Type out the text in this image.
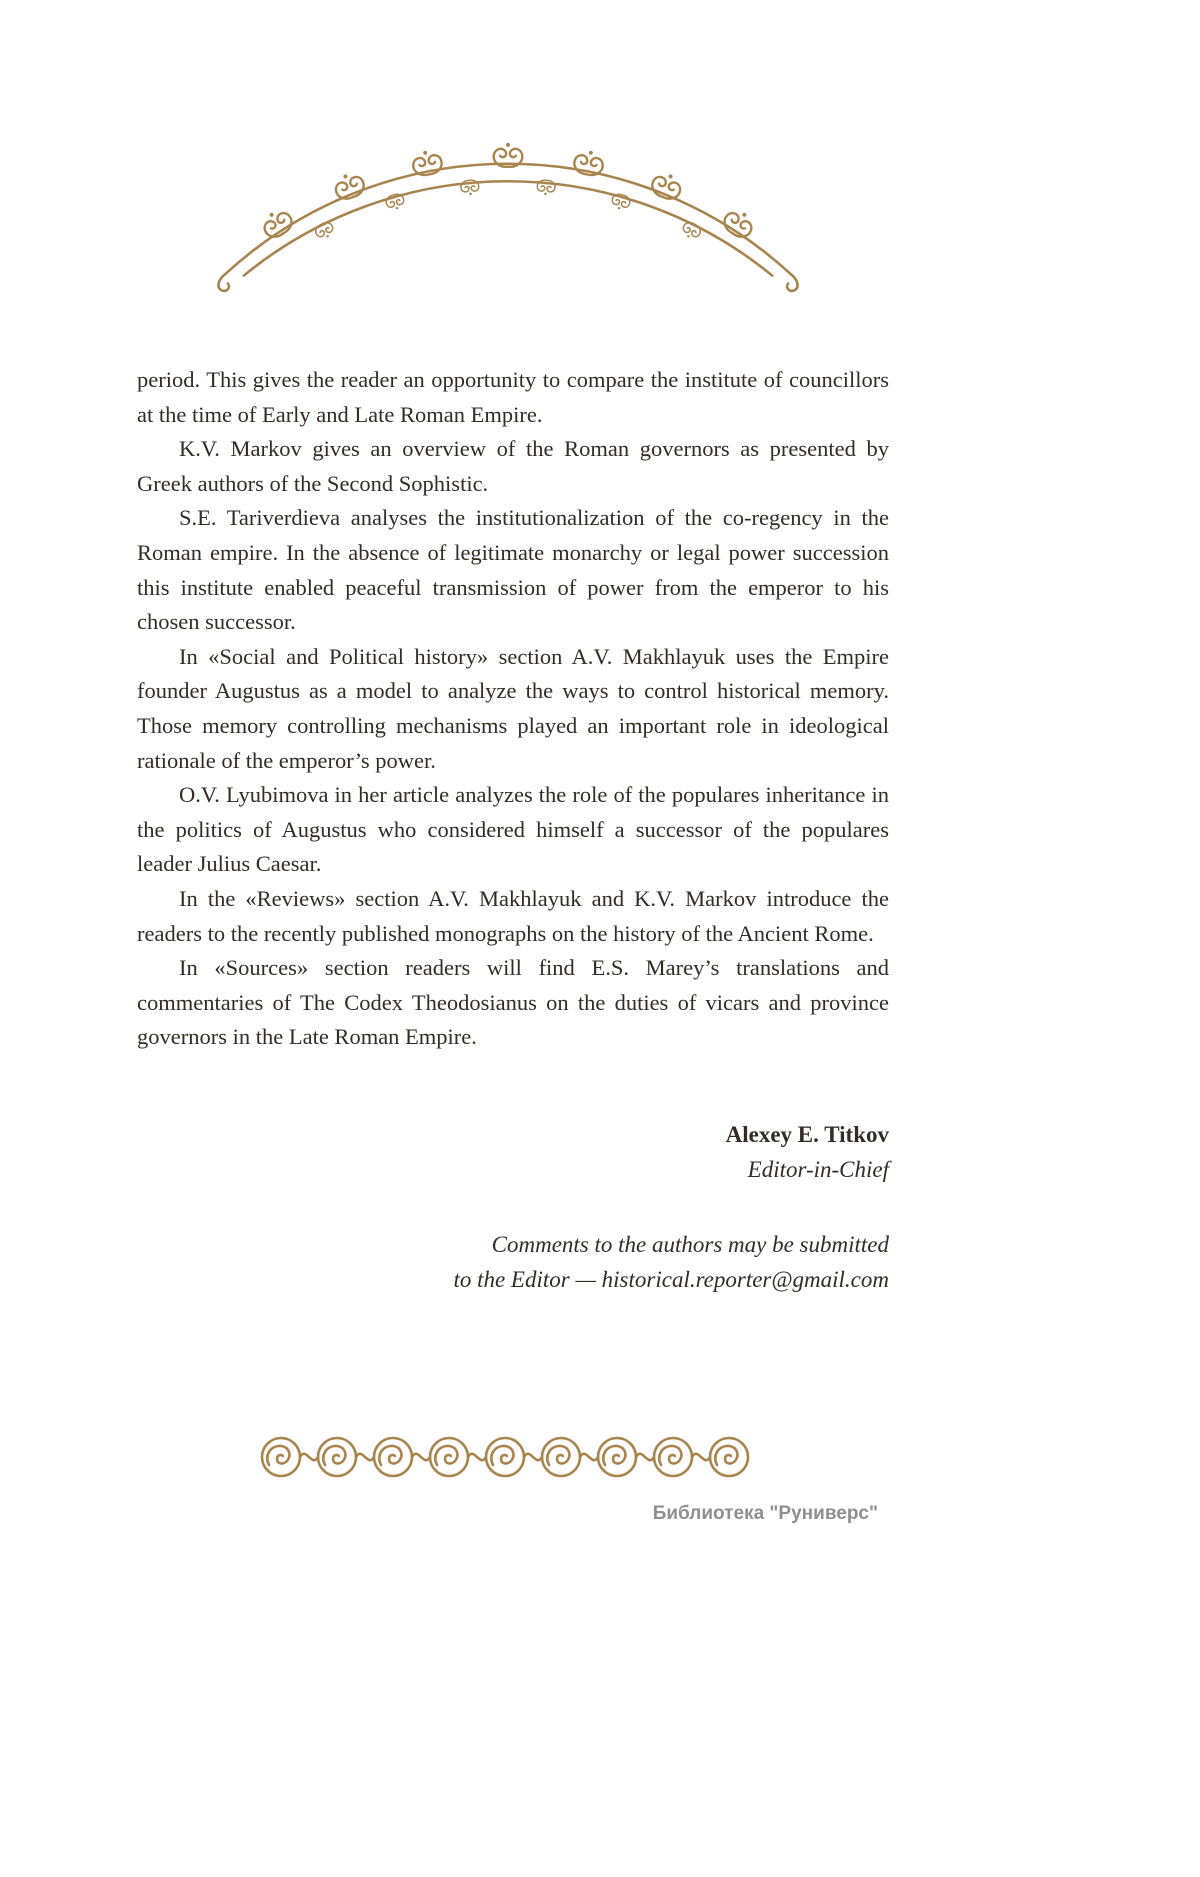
period. This gives the reader an opportunity to compare the institute of councillors at the time of Early and Late Roman Empire.

K.V. Markov gives an overview of the Roman governors as presented by Greek authors of the Second Sophistic.

S.E. Tariverdieva analyses the institutionalization of the co-regency in the Roman empire. In the absence of legitimate monarchy or legal power succession this institute enabled peaceful transmission of power from the emperor to his chosen successor.

In «Social and Political history» section A.V. Makhlayuk uses the Empire founder Augustus as a model to analyze the ways to control historical memory. Those memory controlling mechanisms played an important role in ideological rationale of the emperor’s power.

O.V. Lyubimova in her article analyzes the role of the populares inheritance in the politics of Augustus who considered himself a successor of the populares leader Julius Caesar.

In the «Reviews» section A.V. Makhlayuk and K.V. Markov introduce the readers to the recently published monographs on the history of the Ancient Rome.

In «Sources» section readers will find E.S. Marey’s translations and commentaries of The Codex Theodosianus on the duties of vicars and province governors in the Late Roman Empire.

Alexey E. Titkov
Editor-in-Chief
Comments to the authors may be submitted
to the Editor — historical.reporter@gmail.com
Библиотека "Руниверс"
